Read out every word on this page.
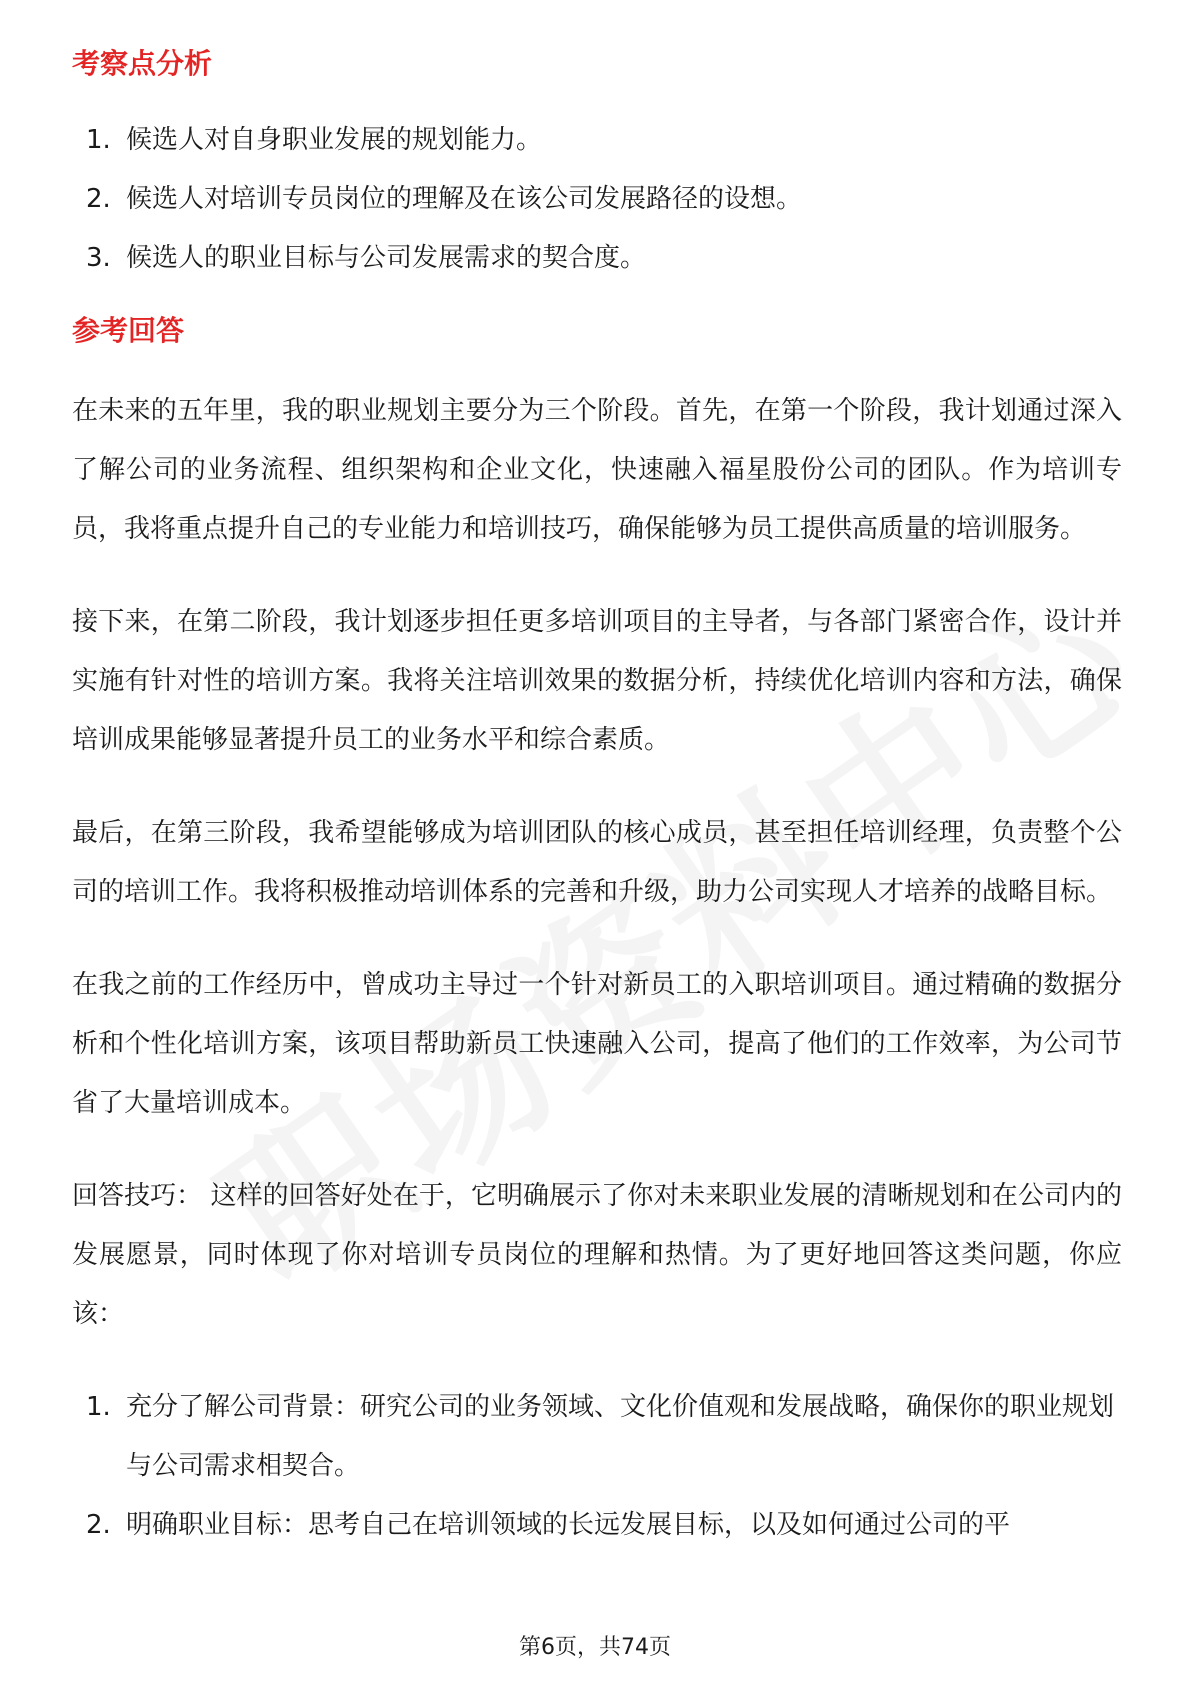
考察点分析
1. 候选人对自身职业发展的规划能力。
2. 候选人对培训专员岗位的理解及在该公司发展路径的设想。
3. 候选人的职业目标与公司发展需求的契合度。
参考回答

在未来的五年里，我的职业规划主要分为三个阶段。首先，在第一个阶段，我计划通过深入了解公司的业务流程、组织架构和企业文化，快速融入福星股份公司的团队。作为培训专员，我将重点提升自己的专业能力和培训技巧，确保能够为员工提供高质量的培训服务。

接下来，在第二阶段，我计划逐步担任更多培训项目的主导者，与各部门紧密合作，设计并实施有针对性的培训方案。我将关注培训效果的数据分析，持续优化培训内容和方法，确保培训成果能够显著提升员工的业务水平和综合素质。

最后，在第三阶段，我希望能够成为培训团队的核心成员，甚至担任培训经理，负责整个公司的培训工作。我将积极推动培训体系的完善和升级，助力公司实现人才培养的战略目标。

在我之前的工作经历中，曾成功主导过一个针对新员工的入职培训项目。通过精确的数据分析和个性化培训方案，该项目帮助新员工快速融入公司，提高了他们的工作效率，为公司节省了大量培训成本。

回答技巧： 这样的回答好处在于，它明确展示了你对未来职业发展的清晰规划和在公司内的发展愿景，同时体现了你对培训专员岗位的理解和热情。为了更好地回答这类问题，你应该：

1. 充分了解公司背景：研究公司的业务领域、文化价值观和发展战略，确保你的职业规划与公司需求相契合。
2. 明确职业目标：思考自己在培训领域的长远发展目标，以及如何通过公司的平
第6页，共74页
